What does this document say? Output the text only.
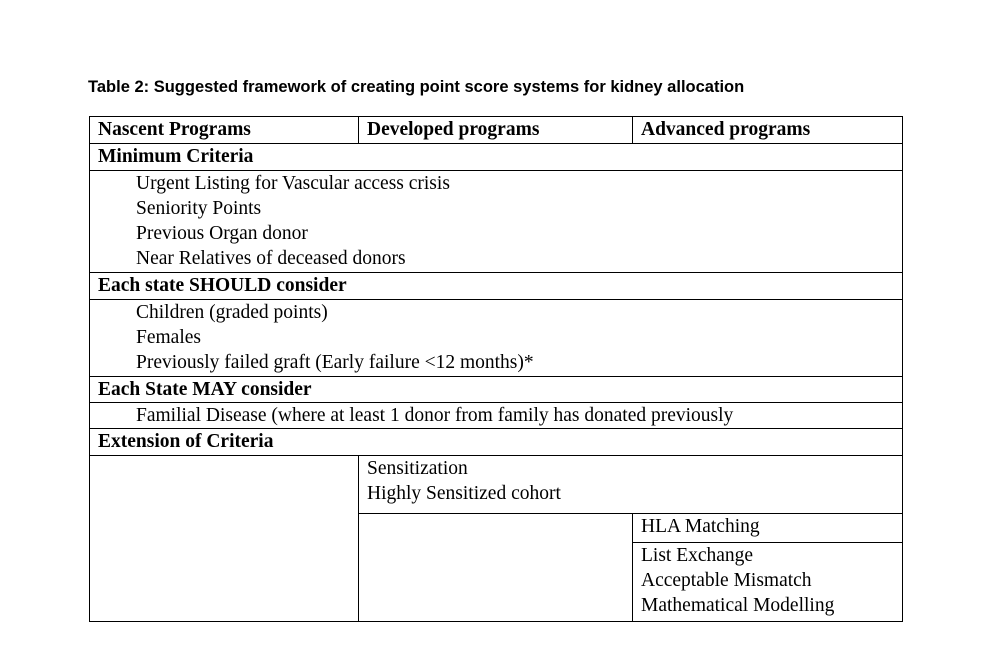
Table 2: Suggested framework of creating point score systems for kidney allocation
Nascent Programs	Developed programs	Advanced programs
Minimum Criteria		

Urgent Listing for Vascular access crisis
Seniority Points
Previous Organ donor
Near Relatives of deceased donors		

Each state SHOULD consider		

Children (graded points)
Females
Previously failed graft (Early failure <12 months)*		

Each State MAY consider		

Familial Disease (where at least 1 donor from family has donated previously		

Extension of Criteria		

	Sensitization
Highly Sensitized cohort	

		HLA Matching

		List Exchange
Acceptable Mismatch
Mathematical Modelling
